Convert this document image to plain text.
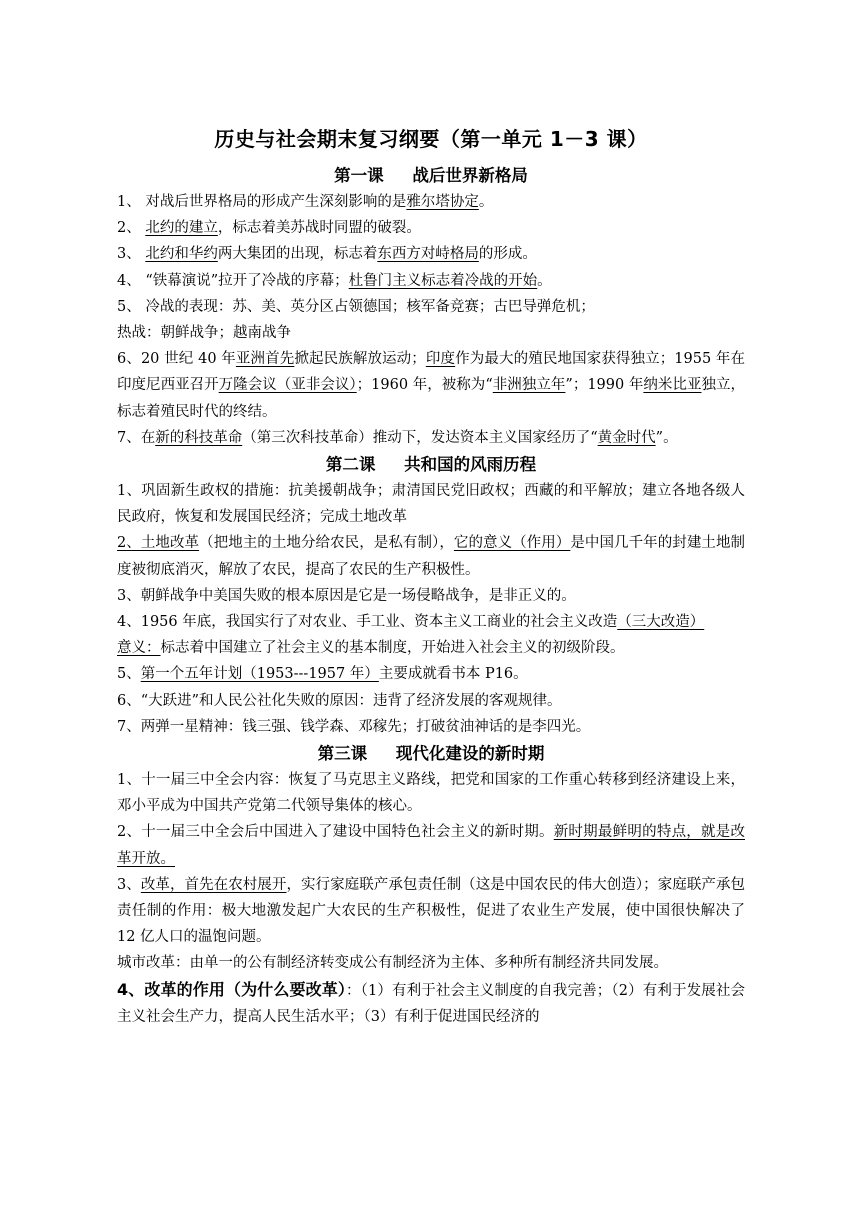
历史与社会期末复习纲要（第一单元 1－3 课）

第一课     战后世界新格局

1、 对战后世界格局的形成产生深刻影响的是雅尔塔协定。

2、 北约的建立，标志着美苏战时同盟的破裂。

3、 北约和华约两大集团的出现，标志着东西方对峙格局的形成。

4、 “铁幕演说”拉开了冷战的序幕；杜鲁门主义标志着冷战的开始。

5、 冷战的表现：苏、美、英分区占领德国；核军备竞赛；古巴导弹危机；

热战：朝鲜战争；越南战争

6、20 世纪 40 年亚洲首先掀起民族解放运动；印度作为最大的殖民地国家获得独立；1955 年在印度尼西亚召开万隆会议（亚非会议）；1960 年，被称为“非洲独立年”；1990 年纳米比亚独立，标志着殖民时代的终结。

7、在新的科技革命（第三次科技革命）推动下，发达资本主义国家经历了“黄金时代”。

第二课     共和国的风雨历程

1、巩固新生政权的措施：抗美援朝战争；肃清国民党旧政权；西藏的和平解放；建立各地各级人民政府，恢复和发展国民经济；完成土地改革

2、土地改革（把地主的土地分给农民，是私有制），它的意义（作用）是中国几千年的封建土地制度被彻底消灭，解放了农民，提高了农民的生产积极性。

3、朝鲜战争中美国失败的根本原因是它是一场侵略战争，是非正义的。

4、1956 年底，我国实行了对农业、手工业、资本主义工商业的社会主义改造（三大改造）

意义：标志着中国建立了社会主义的基本制度，开始进入社会主义的初级阶段。

5、第一个五年计划（1953---1957 年）主要成就看书本 P16。

6、“大跃进”和人民公社化失败的原因：违背了经济发展的客观规律。

7、两弹一星精神：钱三强、钱学森、邓稼先；打破贫油神话的是李四光。

第三课     现代化建设的新时期

1、十一届三中全会内容：恢复了马克思主义路线，把党和国家的工作重心转移到经济建设上来，邓小平成为中国共产党第二代领导集体的核心。

2、十一届三中全会后中国进入了建设中国特色社会主义的新时期。新时期最鲜明的特点，就是改革开放。

3、改革，首先在农村展开，实行家庭联产承包责任制（这是中国农民的伟大创造）；家庭联产承包责任制的作用：极大地激发起广大农民的生产积极性，促进了农业生产发展，使中国很快解决了 12 亿人口的温饱问题。

城市改革：由单一的公有制经济转变成公有制经济为主体、多种所有制经济共同发展。

4、改革的作用（为什么要改革）：（1）有利于社会主义制度的自我完善；（2）有利于发展社会主义社会生产力，提高人民生活水平；（3）有利于促进国民经济的
